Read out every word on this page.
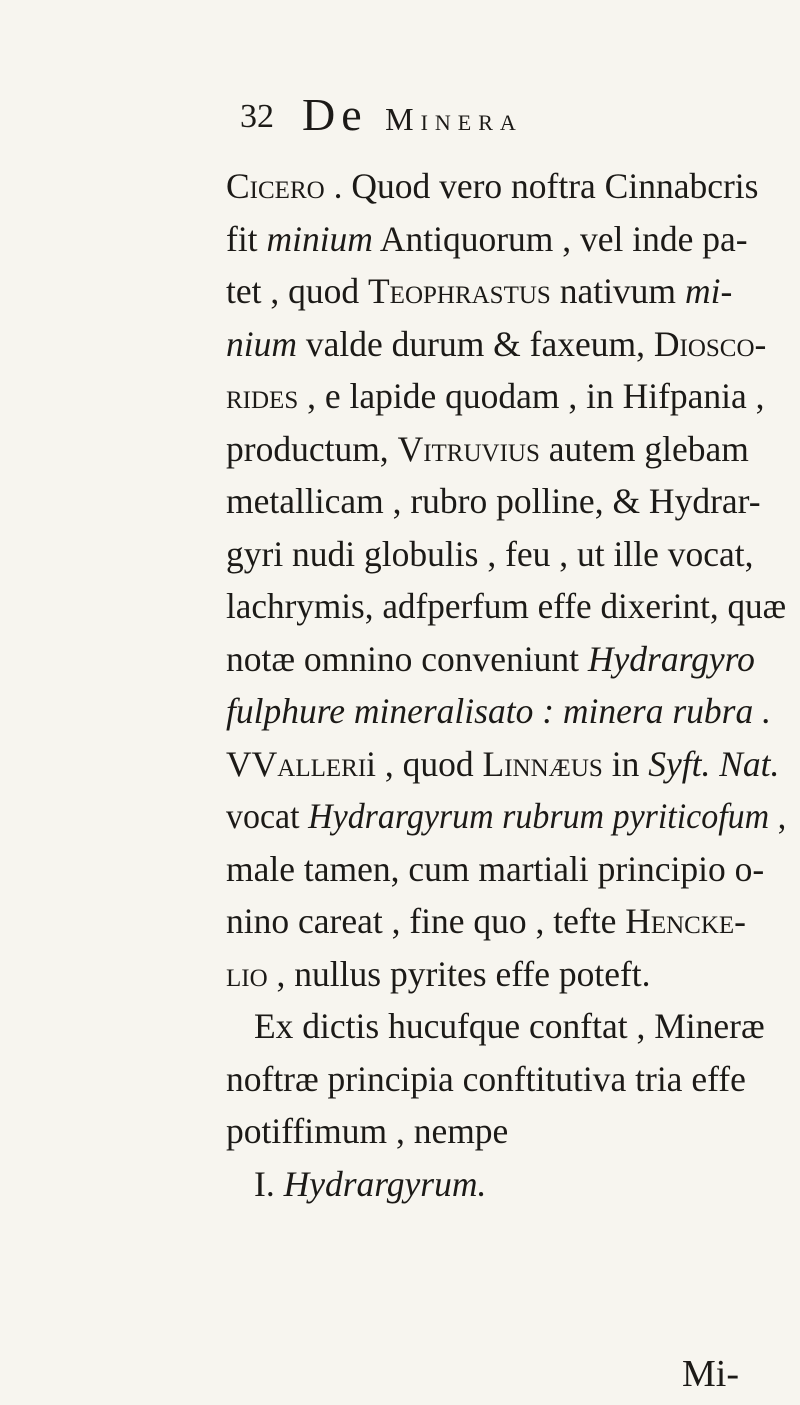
32 De Minera
Cicero . Quod vero noftra Cinnabcris
fit minium Antiquorum , vel inde pa-
tet , quod Teophrastus nativum mi-
nium valde durum & faxeum, Diosco-
rides , e lapide quodam , in Hifpania ,
productum, Vitruvius autem glebam
metallicam , rubro polline, & Hydrar-
gyri nudi globulis , feu , ut ille vocat,
lachrymis, adfperfum effe dixerint, quæ
notæ omnino conveniunt Hydrargyro
fulphure mineralisato : minera rubra .
VVallerii , quod Linnæus in Syft. Nat.
vocat Hydrargyrum rubrum pyriticofum ,
male tamen, cum martiali principio o-
nino careat , fine quo , tefte Hencke-
lio , nullus pyrites effe poteft.
Ex dictis hucufque conftat , Mineræ
noftræ principia conftitutiva tria effe
potiffimum , nempe
I. Hydrargyrum.
Mi-
